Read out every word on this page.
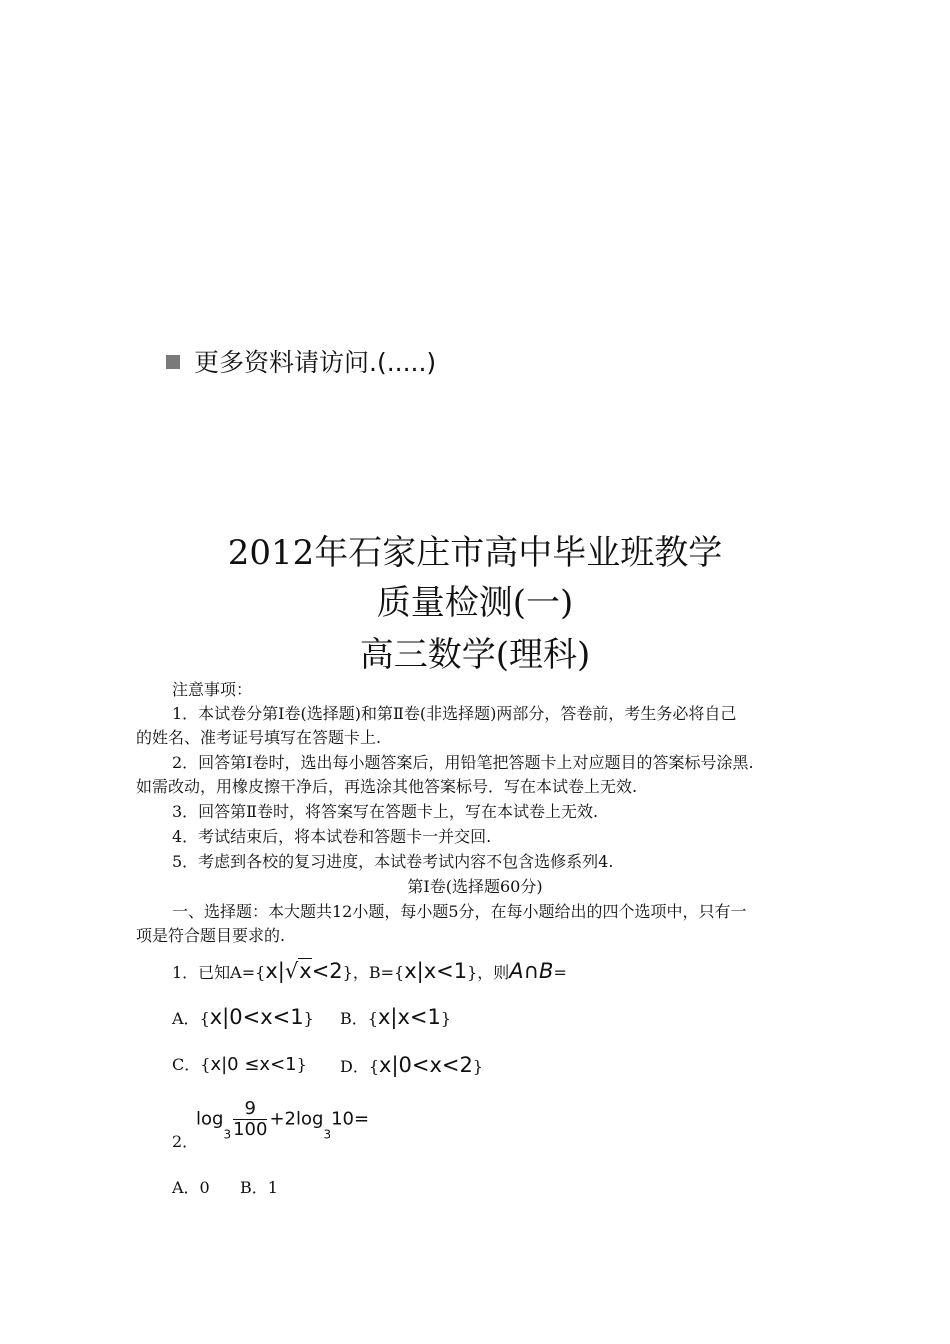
更多资料请访问.(.....)
2012年石家庄市高中毕业班教学
质量检测(一)
高三数学(理科)
注意事项：
1．本试卷分第Ⅰ卷(选择题)和第Ⅱ卷(非选择题)两部分，答卷前，考生务必将自己
的姓名、准考证号填写在答题卡上.
2．回答第Ⅰ卷时，选出每小题答案后，用铅笔把答题卡上对应题目的答案标号涂黑.
如需改动，用橡皮擦干净后，再选涂其他答案标号．写在本试卷上无效.
3．回答第Ⅱ卷时，将答案写在答题卡上，写在本试卷上无效.
4．考试结束后，将本试卷和答题卡一并交回.
5．考虑到各校的复习进度，本试卷考试内容不包含选修系列4.
第Ⅰ卷(选择题60分)
一、选择题：本大题共12小题，每小题5分，在每小题给出的四个选项中，只有一
项是符合题目要求的.
1．已知A={x|√x<2}，B={x|x<1}，则A∩B=
A．{x|0<x<1} B．{x|x<1}
C．{x|0 ≤x<1} D．{x|0<x<2}
$\log_3 \frac{9}{100} +2\log_310=$
2．
A．0 B．1
